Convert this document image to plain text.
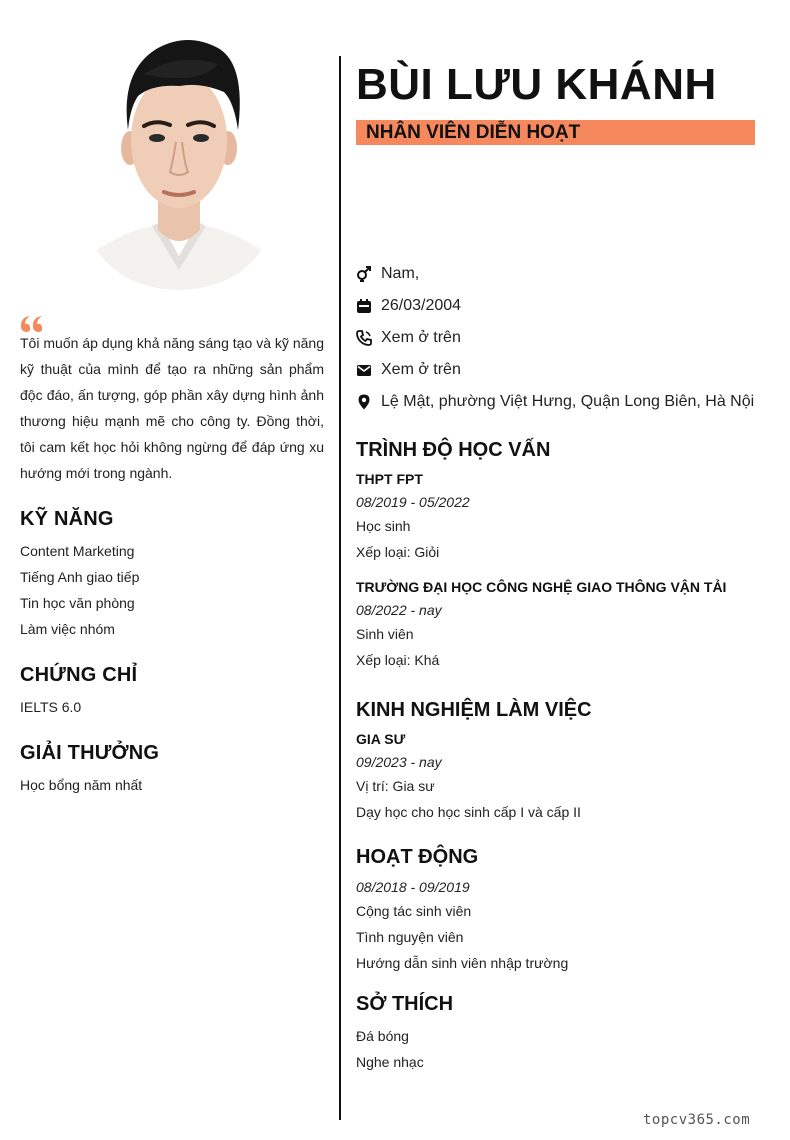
Tôi muốn áp dụng khả năng sáng tạo và kỹ năng kỹ thuật của mình để tạo ra những sản phẩm độc đáo, ấn tượng, góp phần xây dựng hình ảnh thương hiệu mạnh mẽ cho công ty. Đồng thời, tôi cam kết học hỏi không ngừng để đáp ứng xu hướng mới trong ngành.

KỸ NĂNG
Content Marketing
Tiếng Anh giao tiếp
Tin học văn phòng
Làm việc nhóm
CHỨNG CHỈ
IELTS 6.0
GIẢI THƯỞNG
Học bổng năm nhất
BÙI LƯU KHÁNH
NHÂN VIÊN DIỄN HOẠT
Nam,
26/03/2004
Xem ở trên
Xem ở trên
Lệ Mật, phường Việt Hưng, Quận Long Biên, Hà Nội
TRÌNH ĐỘ HỌC VẤN
THPT FPT
08/2019 - 05/2022
Học sinh
Xếp loại: Giỏi
TRƯỜNG ĐẠI HỌC CÔNG NGHỆ GIAO THÔNG VẬN TẢI
08/2022 - nay
Sinh viên
Xếp loại: Khá
KINH NGHIỆM LÀM VIỆC
GIA SƯ
09/2023 - nay
Vị trí: Gia sư
Dạy học cho học sinh cấp I và cấp II
HOẠT ĐỘNG
08/2018 - 09/2019
Cộng tác sinh viên
Tình nguyện viên
Hướng dẫn sinh viên nhập trường
SỞ THÍCH
Đá bóng
Nghe nhạc
topcv365.com
